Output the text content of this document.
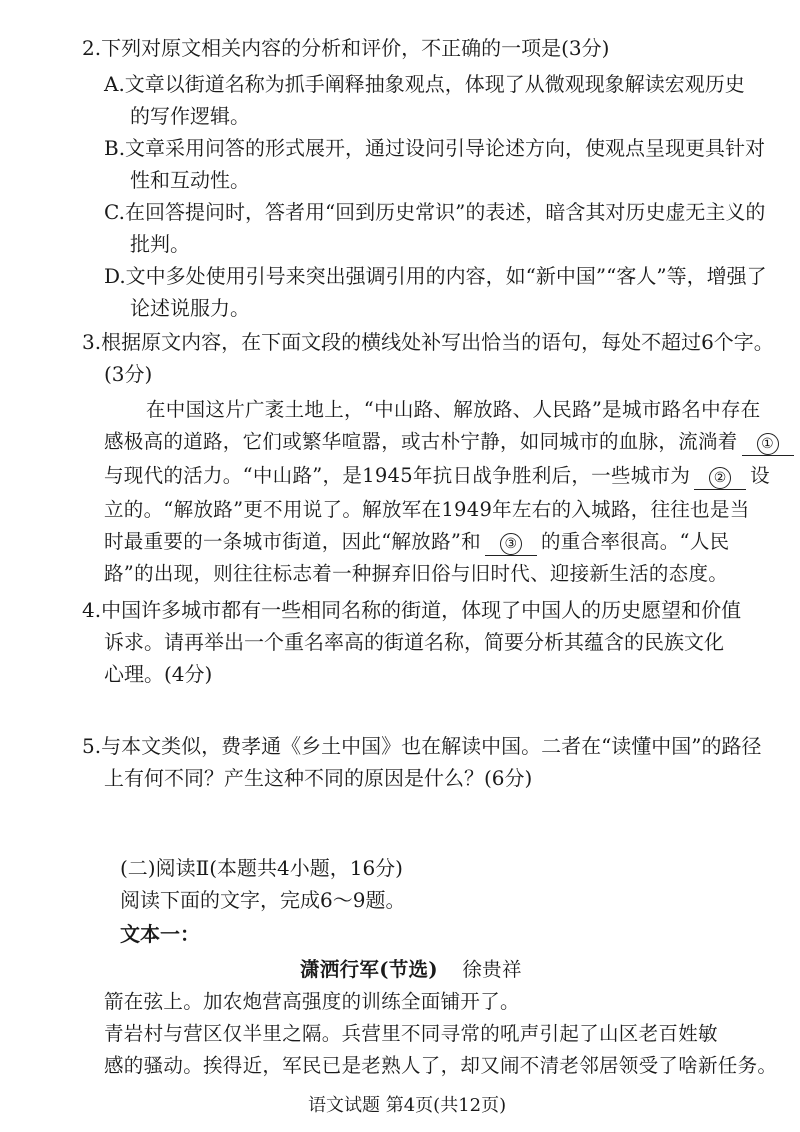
2.下列对原文相关内容的分析和评价，不正确的一项是(3分)
A.文章以街道名称为抓手阐释抽象观点，体现了从微观现象解读宏观历史
的写作逻辑。
B.文章采用问答的形式展开，通过设问引导论述方向，使观点呈现更具针对
性和互动性。
C.在回答提问时，答者用“回到历史常识”的表述，暗含其对历史虚无主义的
批判。
D.文中多处使用引号来突出强调引用的内容，如“新中国”“客人”等，增强了
论述说服力。
3.根据原文内容，在下面文段的横线处补写出恰当的语句，每处不超过6个字。
(3分)
在中国这片广袤土地上，“中山路、解放路、人民路”是城市路名中存在
感极高的道路，它们或繁华喧嚣，或古朴宁静，如同城市的血脉，流淌着 ①
与现代的活力。“中山路”，是1945年抗日战争胜利后，一些城市为 ② 设
立的。“解放路”更不用说了。解放军在1949年左右的入城路，往往也是当
时最重要的一条城市街道，因此“解放路”和 ③ 的重合率很高。“人民
路”的出现，则往往标志着一种摒弃旧俗与旧时代、迎接新生活的态度。
4.中国许多城市都有一些相同名称的街道，体现了中国人的历史愿望和价值
诉求。请再举出一个重名率高的街道名称，简要分析其蕴含的民族文化
心理。(4分)
5.与本文类似，费孝通《乡土中国》也在解读中国。二者在“读懂中国”的路径
上有何不同？产生这种不同的原因是什么？(6分)
(二)阅读Ⅱ(本题共4小题，16分)
阅读下面的文字，完成6～9题。
文本一：
潇洒行军(节选) 徐贵祥
箭在弦上。加农炮营高强度的训练全面铺开了。
青岩村与营区仅半里之隔。兵营里不同寻常的吼声引起了山区老百姓敏
感的骚动。挨得近，军民已是老熟人了，却又闹不清老邻居领受了啥新任务。
语文试题 第4页(共12页)
